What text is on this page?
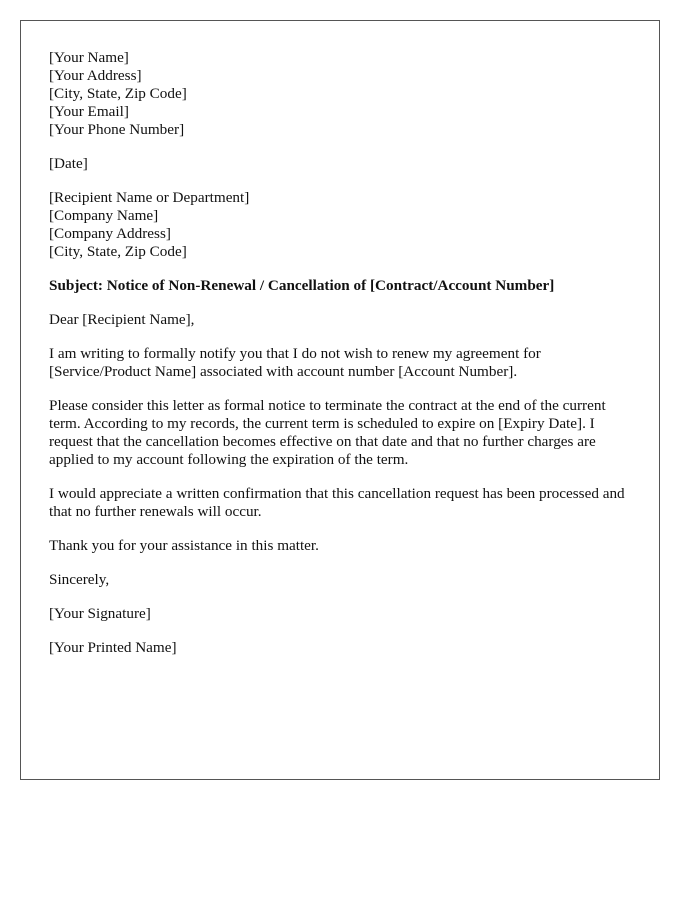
[Your Name]
[Your Address]
[City, State, Zip Code]
[Your Email]
[Your Phone Number]
[Date]
[Recipient Name or Department]
[Company Name]
[Company Address]
[City, State, Zip Code]
Subject: Notice of Non-Renewal / Cancellation of [Contract/Account Number]
Dear [Recipient Name],

I am writing to formally notify you that I do not wish to renew my agreement for [Service/Product Name] associated with account number [Account Number].

Please consider this letter as formal notice to terminate the contract at the end of the current term. According to my records, the current term is scheduled to expire on [Expiry Date]. I request that the cancellation becomes effective on that date and that no further charges are applied to my account following the expiration of the term.

I would appreciate a written confirmation that this cancellation request has been processed and that no further renewals will occur.

Thank you for your assistance in this matter.

Sincerely,
[Your Signature]
[Your Printed Name]
